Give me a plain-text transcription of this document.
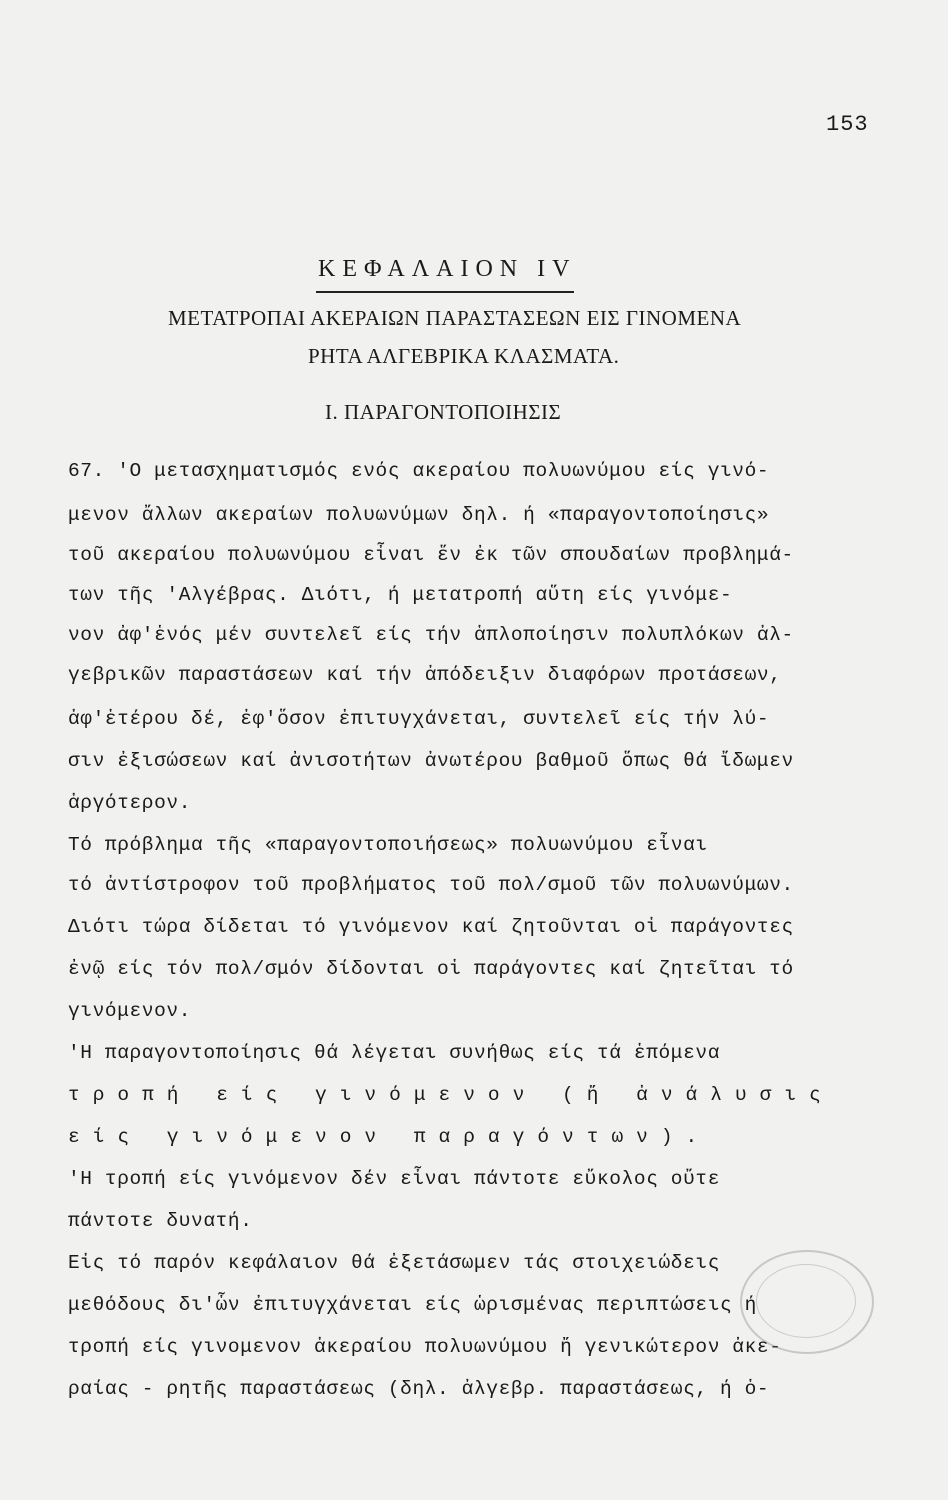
153
ΚΕΦΑΛΑΙΟΝ IV
ΜΕΤΑΤΡΟΠΑΙ ΑΚΕΡΑΙΩΝ ΠΑΡΑΣΤΑΣΕΩΝ ΕΙΣ ΓΙΝΟΜΕΝΑ
ΡΗΤΑ ΑΛΓΕΒΡΙΚΑ ΚΛΑΣΜΑΤΑ.
I. ΠΑΡΑΓΟΝΤΟΠΟΙΗΣΙΣ
67. 'Ο μετασχηματισμός ενός ακεραίου πολυωνύμου είς γινό-
μενον ἄλλων ακεραίων πολυωνύμων δηλ. ή «παραγοντοποίησις»
τοῦ ακεραίου πολυωνύμου εἶναι ἕν ἐκ τῶν σπουδαίων προβλημά-
των τῆς 'Αλγέβρας. Διότι, ή μετατροπή αὕτη είς γινόμε-
νον ἀφ'ἑνός μέν συντελεῖ είς τήν ἁπλοποίησιν πολυπλόκων ἀλ-
γεβρικῶν παραστάσεων καί τήν ἀπόδειξιν διαφόρων προτάσεων,
ἀφ'ἑτέρου δέ, ἐφ'ὅσον ἐπιτυγχάνεται, συντελεῖ είς τήν λύ-
σιν ἐξισώσεων καί ἀνισοτήτων ἀνωτέρου βαθμοῦ ὅπως θά ἴδωμεν
ἀργότερον.
Τό πρόβλημα τῆς «παραγοντοποιήσεως» πολυωνύμου εἶναι
τό ἀντίστροφον τοῦ προβλήματος τοῦ πολ/σμοῦ τῶν πολυωνύμων.
Διότι τώρα δίδεται τό γινόμενον καί ζητοῦνται οἱ παράγοντες
ἐνῷ είς τόν πολ/σμόν δίδονται οἱ παράγοντες καί ζητεῖται τό
γινόμενον.
'Η παραγοντοποίησις θά λέγεται συνήθως είς τά ἑπόμενα
τροπή είς γινόμενον (ἤ ἀνάλυσις
είς γινόμενον παραγόντων).
'Η τροπή είς γινόμενον δέν εἶναι πάντοτε εὔκολος οὔτε
πάντοτε δυνατή.
Εἰς τό παρόν κεφάλαιον θά ἐξετάσωμεν τάς στοιχειώδεις
μεθόδους δι'ὧν ἐπιτυγχάνεται είς ὡρισμένας περιπτώσεις ή
τροπή είς γινομενον ἀκεραίου πολυωνύμου ἤ γενικώτερον ἀκε-
ραίας - ρητῆς παραστάσεως (δηλ. ἀλγεβρ. παραστάσεως, ή ὁ-
